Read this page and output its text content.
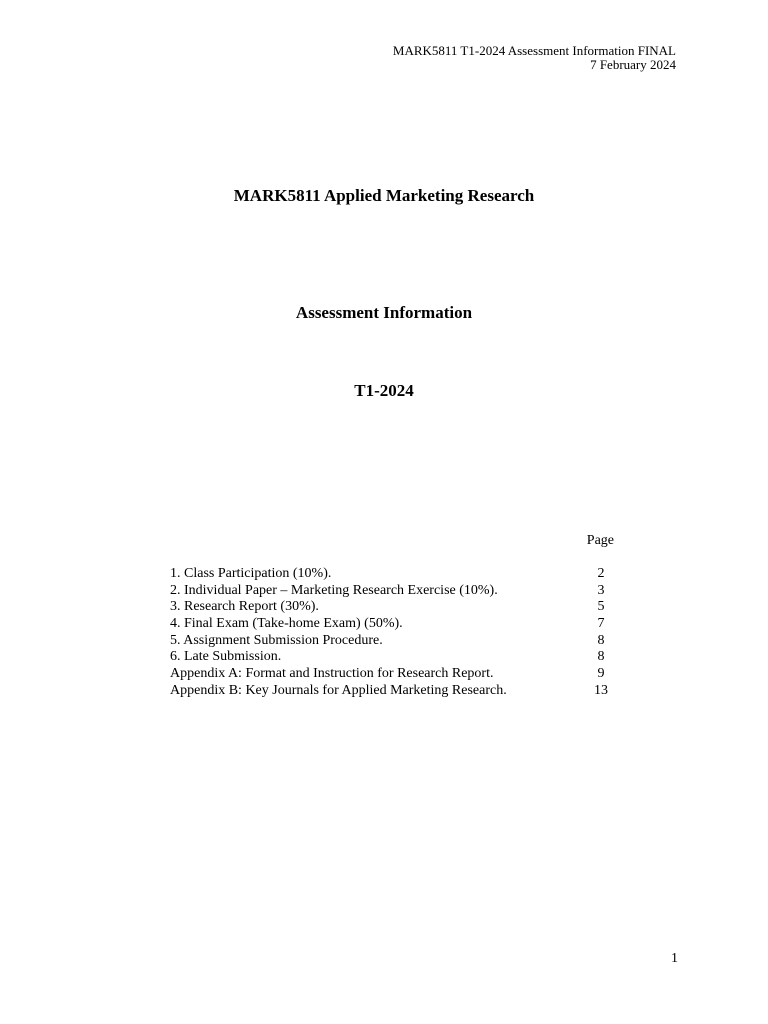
MARK5811 T1-2024 Assessment Information FINAL
7 February 2024
MARK5811 Applied Marketing Research
Assessment Information
T1-2024
Page
1. Class Participation (10%).	2
2. Individual Paper – Marketing Research Exercise (10%).	3
3. Research Report (30%).	5
4. Final Exam (Take-home Exam) (50%).	7
5. Assignment Submission Procedure.	8
6. Late Submission.	8
Appendix A: Format and Instruction for Research Report.	9
Appendix B: Key Journals for Applied Marketing Research.	13
1
